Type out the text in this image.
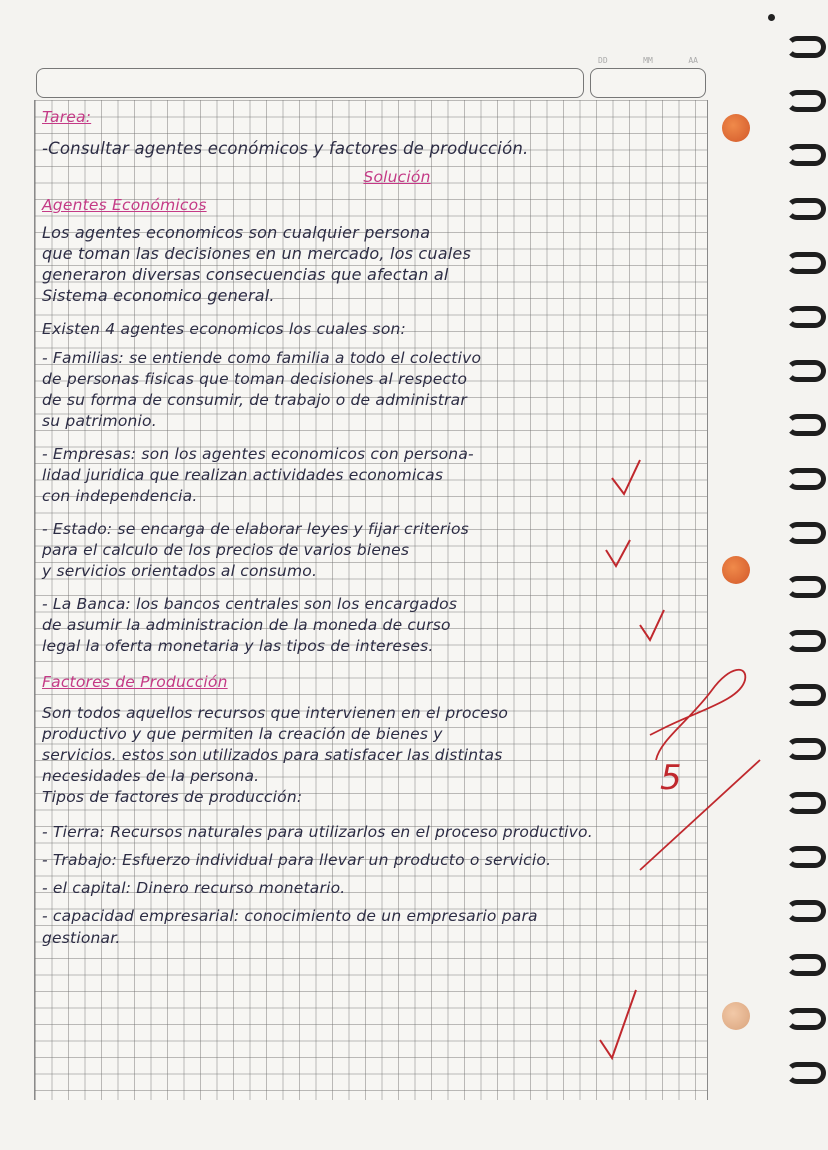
DD	MM	AA
Tarea:
-Consultar agentes económicos y factores de producción.
Solución
Agentes Económicos
Los agentes economicos son cualquier persona
que toman las decisiones en un mercado, los cuales
generaron diversas consecuencias que afectan al
Sistema economico general.
Existen 4 agentes economicos los cuales son:
- Familias: se entiende como familia a todo el colectivo
de personas fisicas que toman decisiones al respecto
de su forma de consumir, de trabajo o de administrar
su patrimonio.
- Empresas: son los agentes economicos con persona-
lidad juridica que realizan actividades economicas
con independencia.
- Estado: se encarga de elaborar leyes y fijar criterios
para el calculo de los precios de varios bienes
y servicios orientados al consumo.
- La Banca: los bancos centrales son los encargados
de asumir la administracion de la moneda de curso
legal la oferta monetaria y las tipos de intereses.
Factores de Producción
Son todos aquellos recursos que intervienen en el proceso
productivo y que permiten la creación de bienes y
servicios. estos son utilizados para satisfacer las distintas
necesidades de la persona.
Tipos de factores de producción:
- Tierra: Recursos naturales para utilizarlos en el proceso productivo.
- Trabajo: Esfuerzo individual para llevar un producto o servicio.
- el capital: Dinero recurso monetario.
- capacidad empresarial: conocimiento de un empresario para
gestionar.
5
